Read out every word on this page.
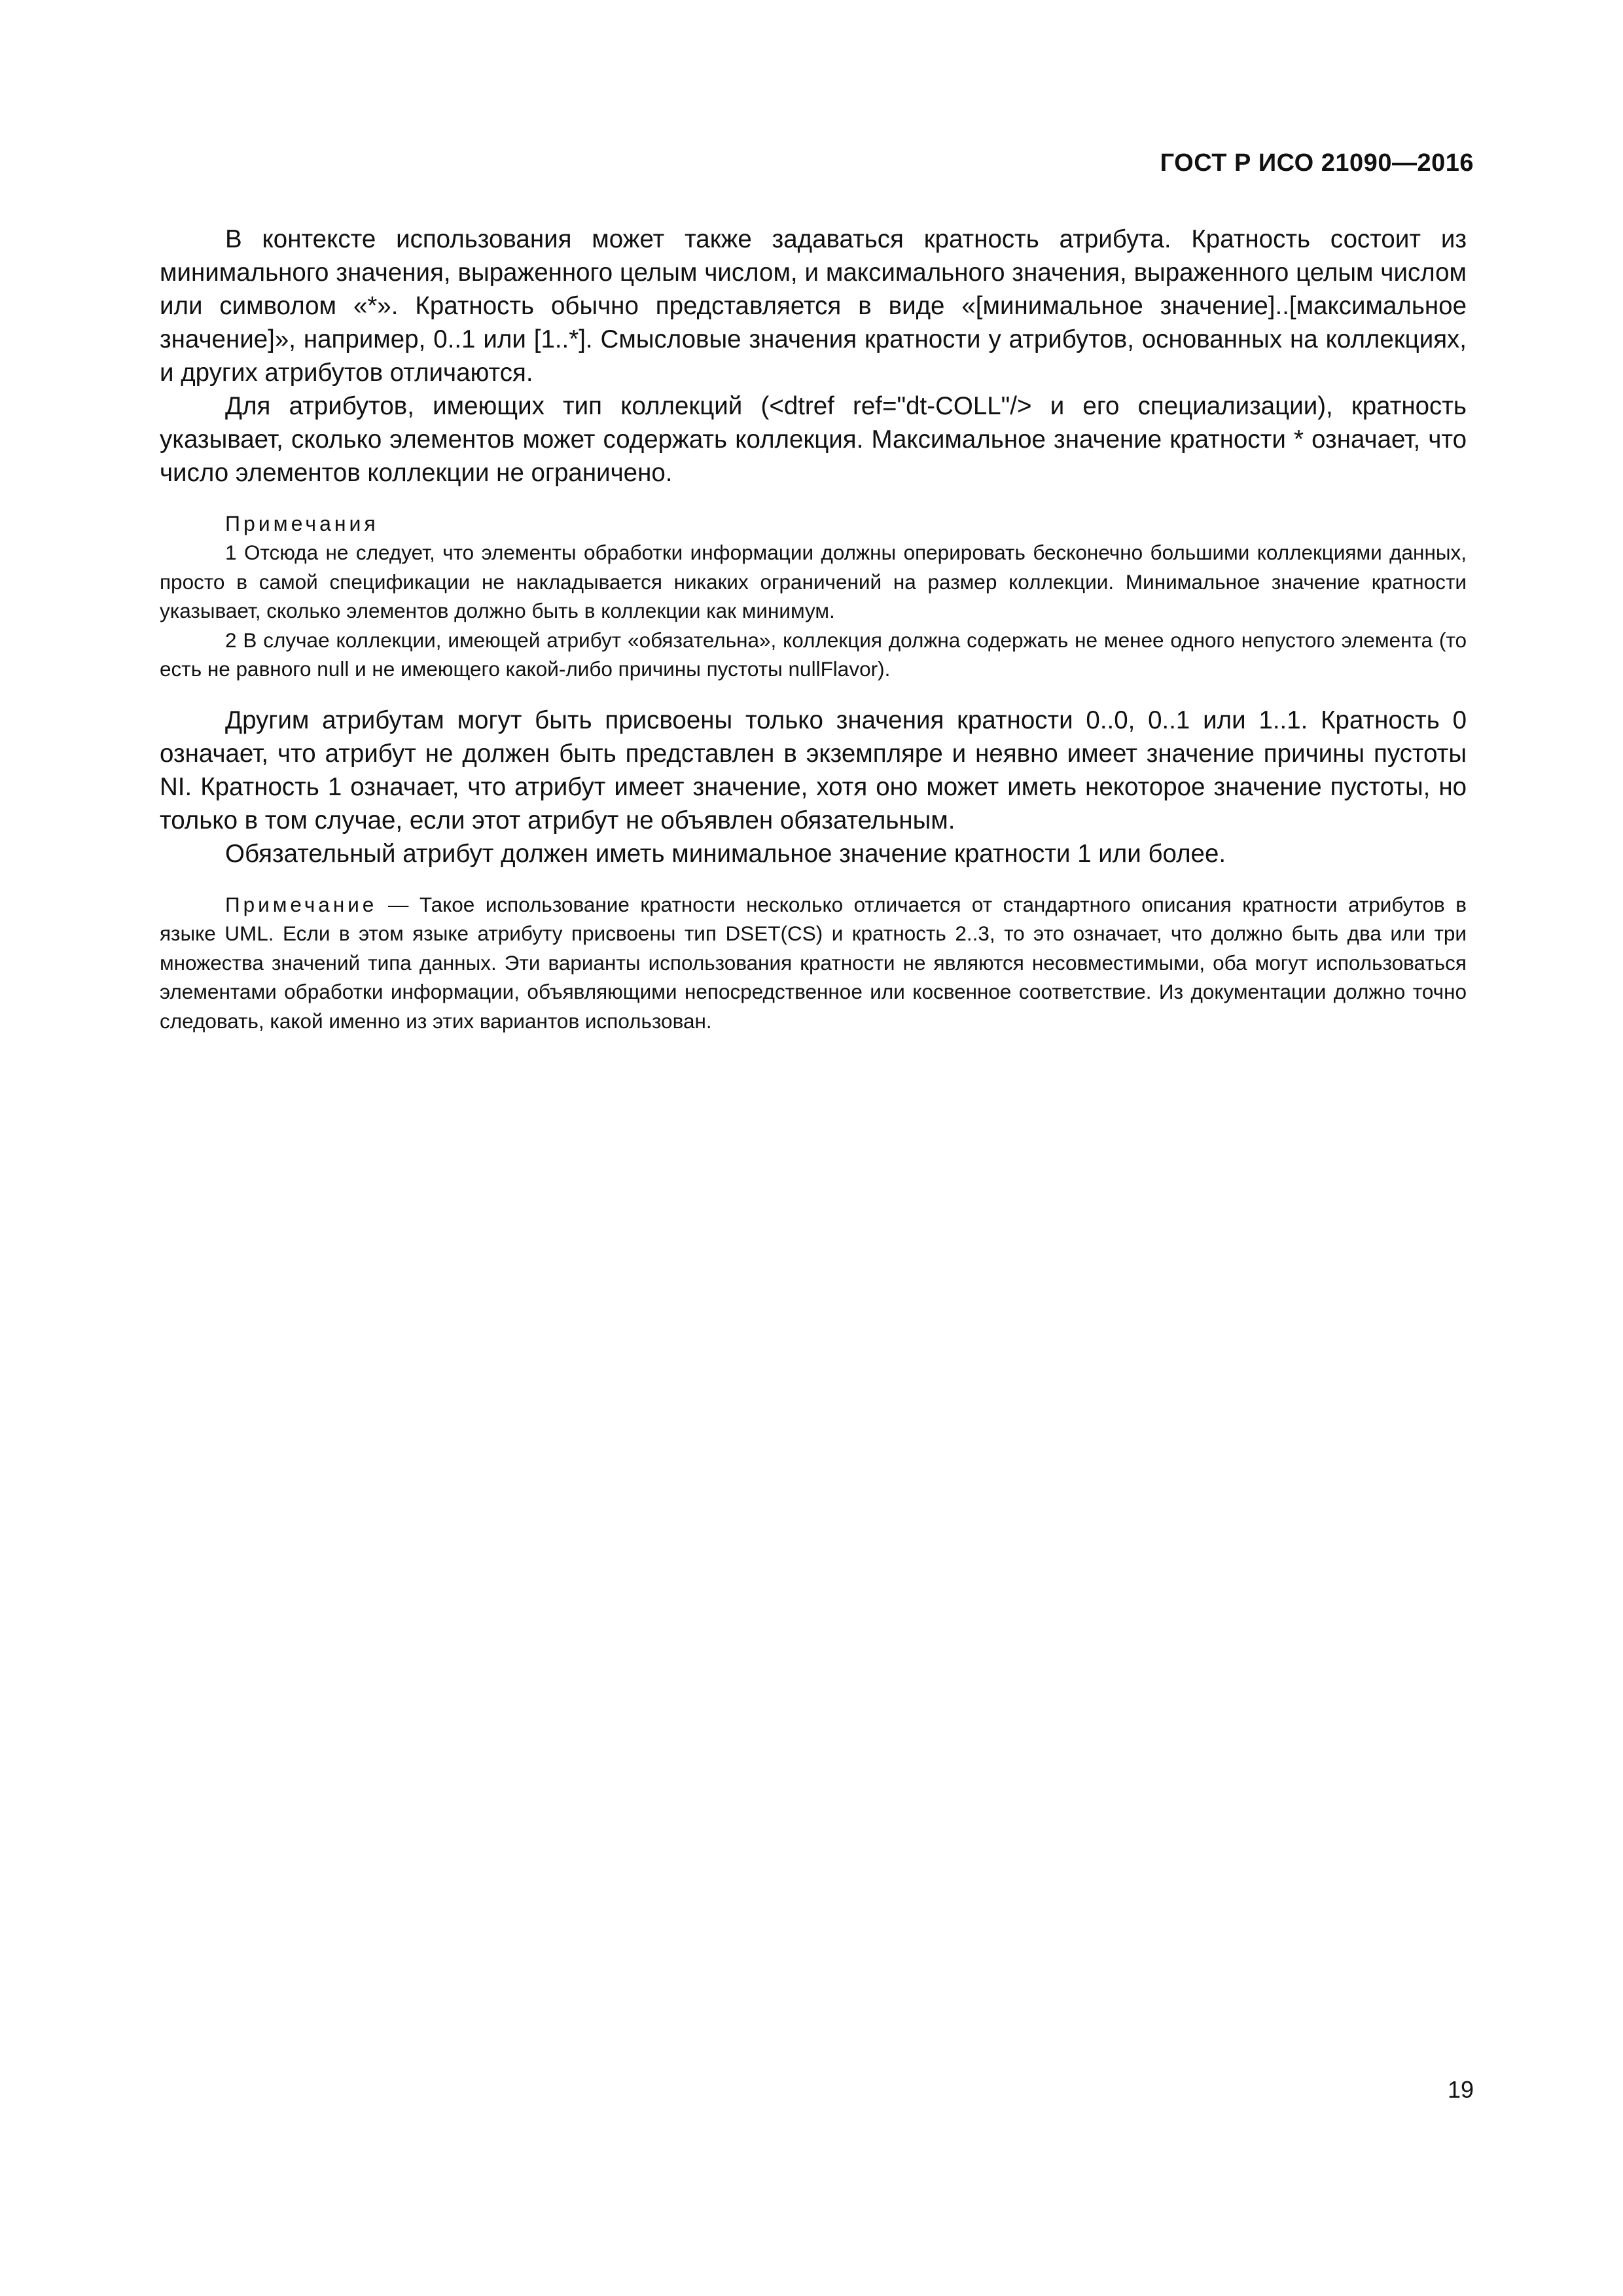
ГОСТ Р ИСО 21090—2016

В контексте использования может также задаваться кратность атрибута. Кратность состоит из минимального значения, выраженного целым числом, и максимального значения, выраженного целым числом или символом «*». Кратность обычно представляется в виде «[минимальное значение]..[максимальное значение]», например, 0..1 или [1..*]. Смысловые значения кратности у атрибутов, основанных на коллекциях, и других атрибутов отличаются.

Для атрибутов, имеющих тип коллекций (<dtref ref="dt-COLL"/> и его специализации), кратность указывает, сколько элементов может содержать коллекция. Максимальное значение кратности * означает, что число элементов коллекции не ограничено.

Примечания

1 Отсюда не следует, что элементы обработки информации должны оперировать бесконечно большими коллекциями данных, просто в самой спецификации не накладывается никаких ограничений на размер коллекции. Минимальное значение кратности указывает, сколько элементов должно быть в коллекции как минимум.

2 В случае коллекции, имеющей атрибут «обязательна», коллекция должна содержать не менее одного непустого элемента (то есть не равного null и не имеющего какой-либо причины пустоты nullFlavor).

Другим атрибутам могут быть присвоены только значения кратности 0..0, 0..1 или 1..1. Кратность 0 означает, что атрибут не должен быть представлен в экземпляре и неявно имеет значение причины пустоты NI. Кратность 1 означает, что атрибут имеет значение, хотя оно может иметь некоторое значение пустоты, но только в том случае, если этот атрибут не объявлен обязательным.

Обязательный атрибут должен иметь минимальное значение кратности 1 или более.

Примечание — Такое использование кратности несколько отличается от стандартного описания кратности атрибутов в языке UML. Если в этом языке атрибуту присвоены тип DSET(CS) и кратность 2..3, то это означает, что должно быть два или три множества значений типа данных. Эти варианты использования кратности не являются несовместимыми, оба могут использоваться элементами обработки информации, объявляющими непосредственное или косвенное соответствие. Из документации должно точно следовать, какой именно из этих вариантов использован.

19
